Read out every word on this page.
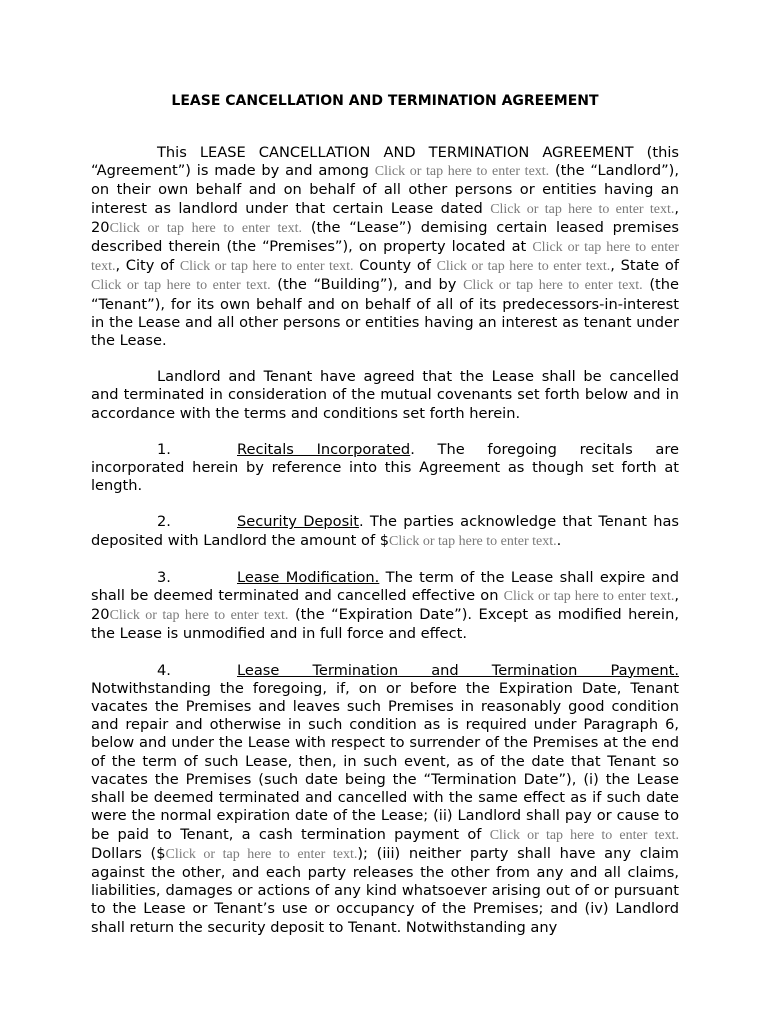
LEASE CANCELLATION AND TERMINATION AGREEMENT

This LEASE CANCELLATION AND TERMINATION AGREEMENT (this “Agreement”) is made by and among Click or tap here to enter text. (the “Landlord”), on their own behalf and on behalf of all other persons or entities having an interest as landlord under that certain Lease dated Click or tap here to enter text., 20Click or tap here to enter text. (the “Lease”) demising certain leased premises described therein (the “Premises”), on property located at Click or tap here to enter text., City of Click or tap here to enter text. County of Click or tap here to enter text., State of Click or tap here to enter text. (the “Building”), and by Click or tap here to enter text. (the “Tenant”), for its own behalf and on behalf of all of its predecessors-in-interest in the Lease and all other persons or entities having an interest as tenant under the Lease.

Landlord and Tenant have agreed that the Lease shall be cancelled and terminated in consideration of the mutual covenants set forth below and in accordance with the terms and conditions set forth herein.

1.	Recitals Incorporated. The foregoing recitals are incorporated herein by reference into this Agreement as though set forth at length.

2.	Security Deposit. The parties acknowledge that Tenant has deposited with Landlord the amount of $Click or tap here to enter text..

3.	Lease Modification. The term of the Lease shall expire and shall be deemed terminated and cancelled effective on Click or tap here to enter text., 20Click or tap here to enter text. (the “Expiration Date”). Except as modified herein, the Lease is unmodified and in full force and effect.

4.	Lease Termination and Termination Payment. Notwithstanding the foregoing, if, on or before the Expiration Date, Tenant vacates the Premises and leaves such Premises in reasonably good condition and repair and otherwise in such condition as is required under Paragraph 6, below and under the Lease with respect to surrender of the Premises at the end of the term of such Lease, then, in such event, as of the date that Tenant so vacates the Premises (such date being the “Termination Date”), (i) the Lease shall be deemed terminated and cancelled with the same effect as if such date were the normal expiration date of the Lease; (ii) Landlord shall pay or cause to be paid to Tenant, a cash termination payment of Click or tap here to enter text. Dollars ($Click or tap here to enter text.); (iii) neither party shall have any claim against the other, and each party releases the other from any and all claims, liabilities, damages or actions of any kind whatsoever arising out of or pursuant to the Lease or Tenant’s use or occupancy of the Premises; and (iv) Landlord shall return the security deposit to Tenant. Notwithstanding any
